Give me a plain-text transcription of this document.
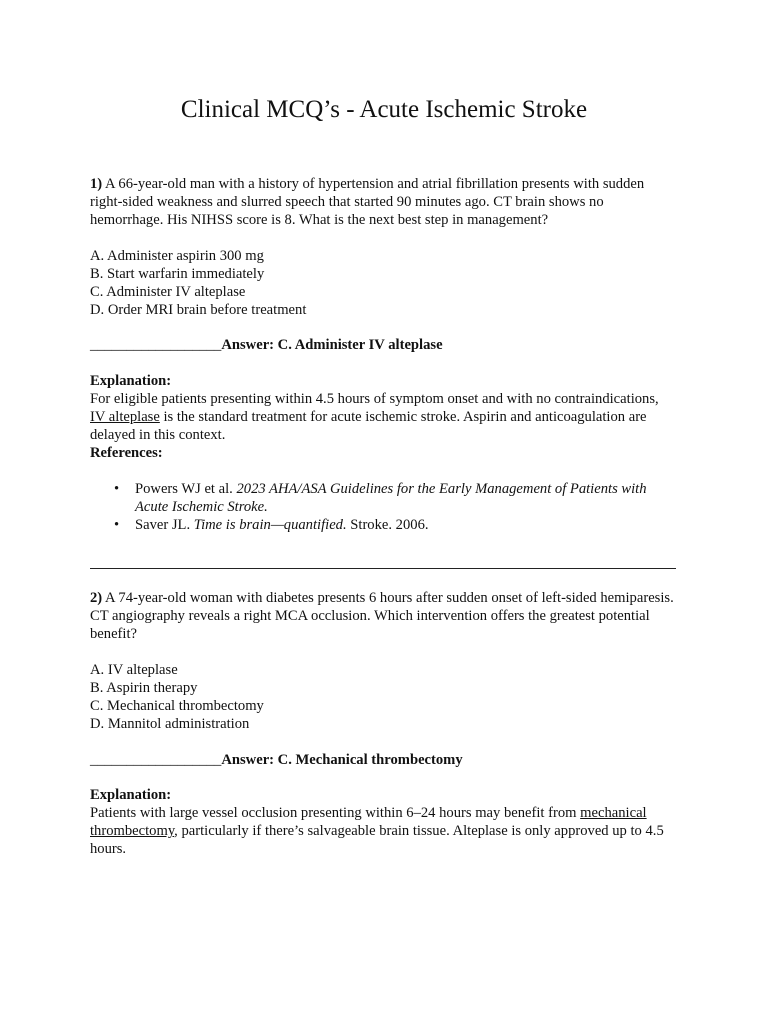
Clinical MCQ’s - Acute Ischemic Stroke

1) A 66-year-old man with a history of hypertension and atrial fibrillation presents with sudden right-sided weakness and slurred speech that started 90 minutes ago. CT brain shows no hemorrhage. His NIHSS score is 8. What is the next best step in management?

A. Administer aspirin 300 mg

B. Start warfarin immediately

C. Administer IV alteplase

D. Order MRI brain before treatment

__________________Answer: C. Administer IV alteplase

Explanation:

For eligible patients presenting within 4.5 hours of symptom onset and with no contraindications,
IV alteplase is the standard treatment for acute ischemic stroke. Aspirin and anticoagulation are delayed in this context.

References:

• Powers WJ et al. 2023 AHA/ASA Guidelines for the Early Management of Patients with Acute Ischemic Stroke.
• Saver JL. Time is brain—quantified. Stroke. 2006.

2) A 74-year-old woman with diabetes presents 6 hours after sudden onset of left-sided hemiparesis. CT angiography reveals a right MCA occlusion. Which intervention offers the greatest potential benefit?

A. IV alteplase

B. Aspirin therapy

C. Mechanical thrombectomy

D. Mannitol administration

__________________Answer: C. Mechanical thrombectomy

Explanation:

Patients with large vessel occlusion presenting within 6–24 hours may benefit from mechanical thrombectomy, particularly if there’s salvageable brain tissue. Alteplase is only approved up to 4.5 hours.
